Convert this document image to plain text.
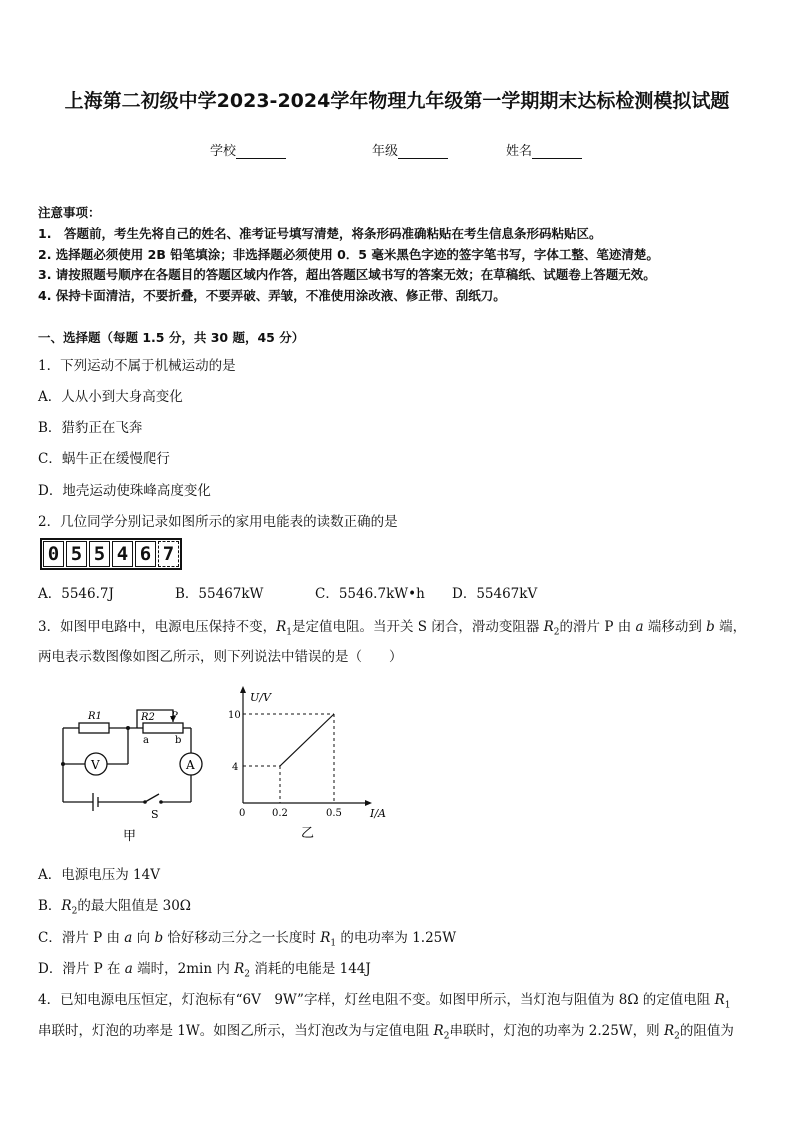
上海第二初级中学2023-2024学年物理九年级第一学期期末达标检测模拟试题
学校	年级	姓名
注意事项：
1.　答题前，考生先将自己的姓名、准考证号填写清楚，将条形码准确粘贴在考生信息条形码粘贴区。
2. 选择题必须使用 2B 铅笔填涂；非选择题必须使用 0．5 毫米黑色字迹的签字笔书写，字体工整、笔迹清楚。
3. 请按照题号顺序在各题目的答题区域内作答，超出答题区域书写的答案无效；在草稿纸、试题卷上答题无效。
4. 保持卡面清洁，不要折叠，不要弄破、弄皱，不准使用涂改液、修正带、刮纸刀。
一、选择题（每题 1.5 分，共 30 题，45 分）
1．下列运动不属于机械运动的是
A．人从小到大身高变化
B．猎豹正在飞奔
C．蜗牛正在缓慢爬行
D．地壳运动使珠峰高度变化
2．几位同学分别记录如图所示的家用电能表的读数正确的是
0 5 5 4 6 7
A．5546.7J	B．55467kW	C．5546.7kW•h D．55467kV
3．如图甲电路中，电源电压保持不变，$R_1$是定值电阻。当开关 S 闭合，滑动变阻器 $R_2$的滑片 P 由 a 端移动到 b 端，
两电表示数图像如图乙所示，则下列说法中错误的是（　　）
R1	R2 P
a	b
V	A
S
甲
U/V
I/A
10
4
0	0.2	0.5
乙
A．电源电压为 14V
B．$R_2$的最大阻值是 30Ω
C．滑片 P 由 a 向 b 恰好移动三分之一长度时 $R_1$ 的电功率为 1.25W
D．滑片 P 在 a 端时，2min 内 $R_2$ 消耗的电能是 144J
4．已知电源电压恒定，灯泡标有“6V　9W”字样，灯丝电阻不变。如图甲所示，当灯泡与阻值为 8Ω 的定值电阻 $R_1$
串联时，灯泡的功率是 1W。如图乙所示，当灯泡改为与定值电阻 $R_2$串联时，灯泡的功率为 2.25W，则 $R_2$的阻值为
